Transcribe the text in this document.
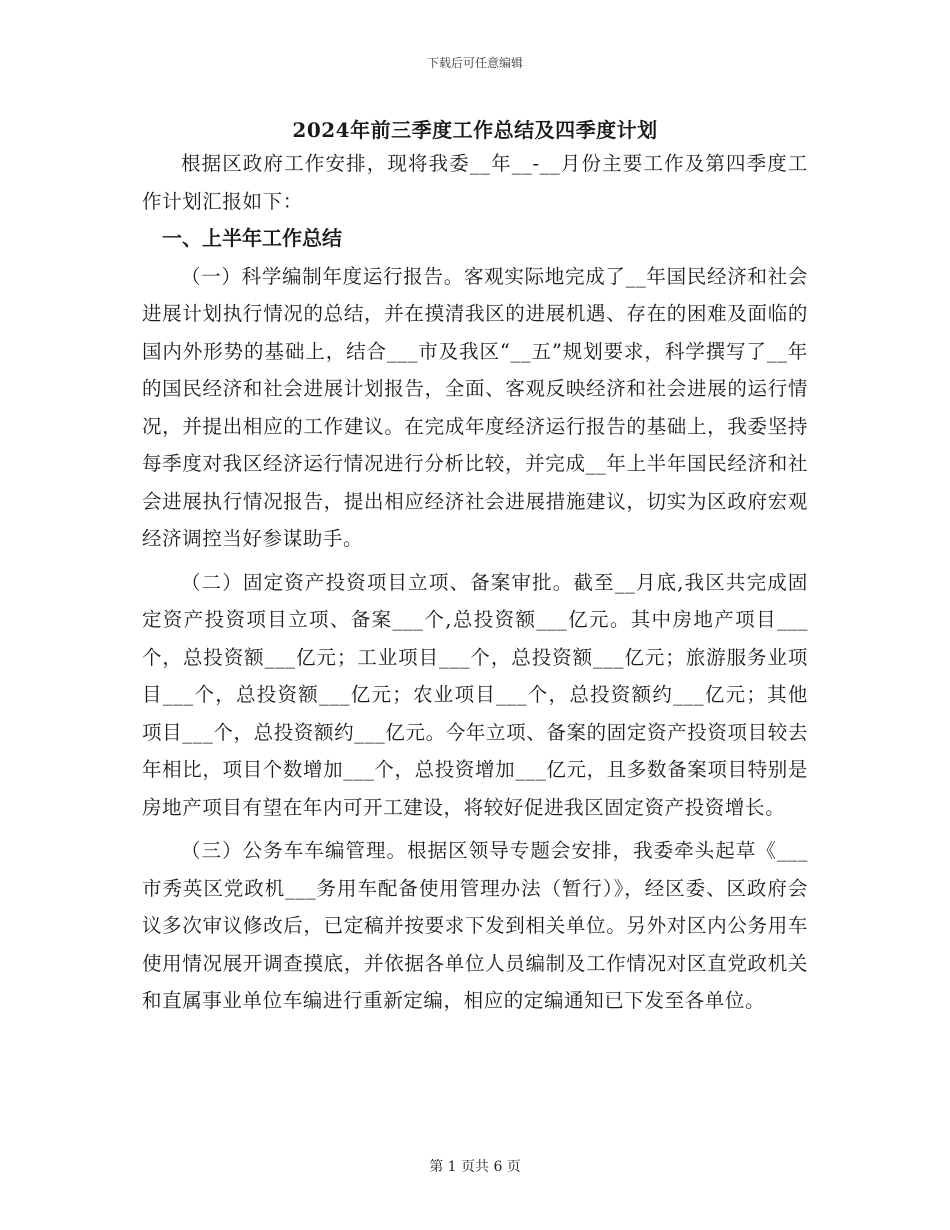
下载后可任意编辑
2024年前三季度工作总结及四季度计划

根据区政府工作安排，现将我委__年__-__月份主要工作及第四季度工作计划汇报如下：

一、上半年工作总结

（一）科学编制年度运行报告。客观实际地完成了__年国民经济和社会进展计划执行情况的总结，并在摸清我区的进展机遇、存在的困难及面临的国内外形势的基础上，结合___市及我区“__五”规划要求，科学撰写了__年的国民经济和社会进展计划报告，全面、客观反映经济和社会进展的运行情况，并提出相应的工作建议。在完成年度经济运行报告的基础上，我委坚持每季度对我区经济运行情况进行分析比较，并完成__年上半年国民经济和社会进展执行情况报告，提出相应经济社会进展措施建议，切实为区政府宏观经济调控当好参谋助手。

（二）固定资产投资项目立项、备案审批。截至__月底,我区共完成固定资产投资项目立项、备案___个,总投资额___亿元。其中房地产项目___个，总投资额___亿元；工业项目___个，总投资额___亿元；旅游服务业项目___个，总投资额___亿元；农业项目___个，总投资额约___亿元；其他项目___个，总投资额约___亿元。今年立项、备案的固定资产投资项目较去年相比，项目个数增加___个，总投资增加___亿元，且多数备案项目特别是房地产项目有望在年内可开工建设，将较好促进我区固定资产投资增长。

（三）公务车车编管理。根据区领导专题会安排，我委牵头起草《___市秀英区党政机___务用车配备使用管理办法（暂行）》，经区委、区政府会议多次审议修改后，已定稿并按要求下发到相关单位。另外对区内公务用车使用情况展开调查摸底，并依据各单位人员编制及工作情况对区直党政机关和直属事业单位车编进行重新定编，相应的定编通知已下发至各单位。

第 1 页共 6 页
